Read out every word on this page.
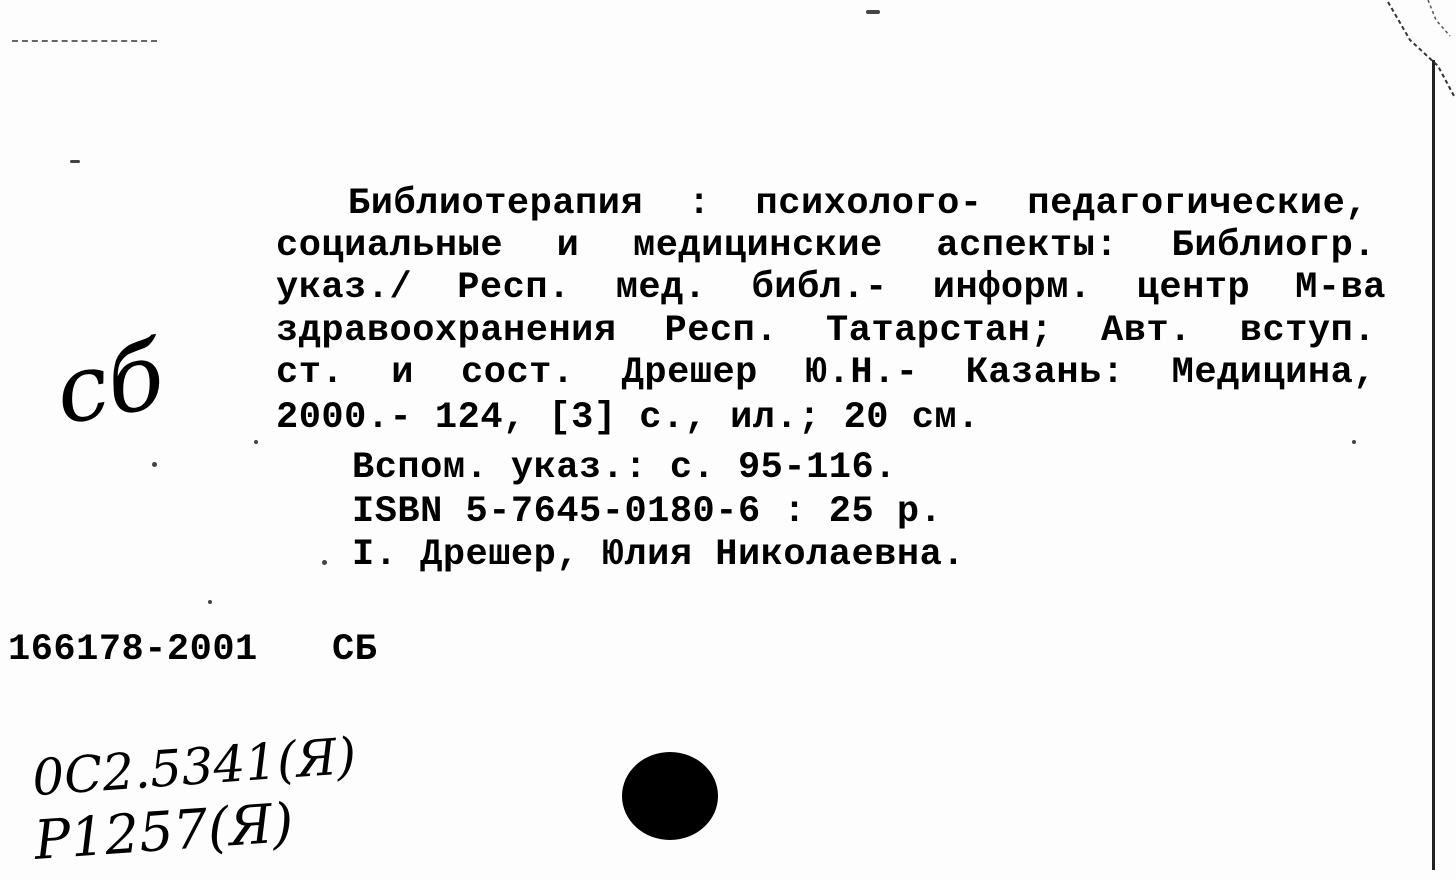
Библиотерапия : психолого- педагогические,
социальные и медицинские аспекты: Библиогр.
указ./ Респ. мед. библ.- информ. центр М-ва
здравоохранения Респ. Татарстан; Авт. вступ.
ст. и сост. Дрешер Ю.Н.- Казань: Медицина,
2000.- 124, [3] с., ил.; 20 см.
Вспом. указ.: с. 95-116.
ISBN 5-7645-0180-6 : 25 р.
I. Дрешер, Юлия Николаевна.
166178-2001 СБ
сб
0С2.5341(Я)
Р1257(Я)
